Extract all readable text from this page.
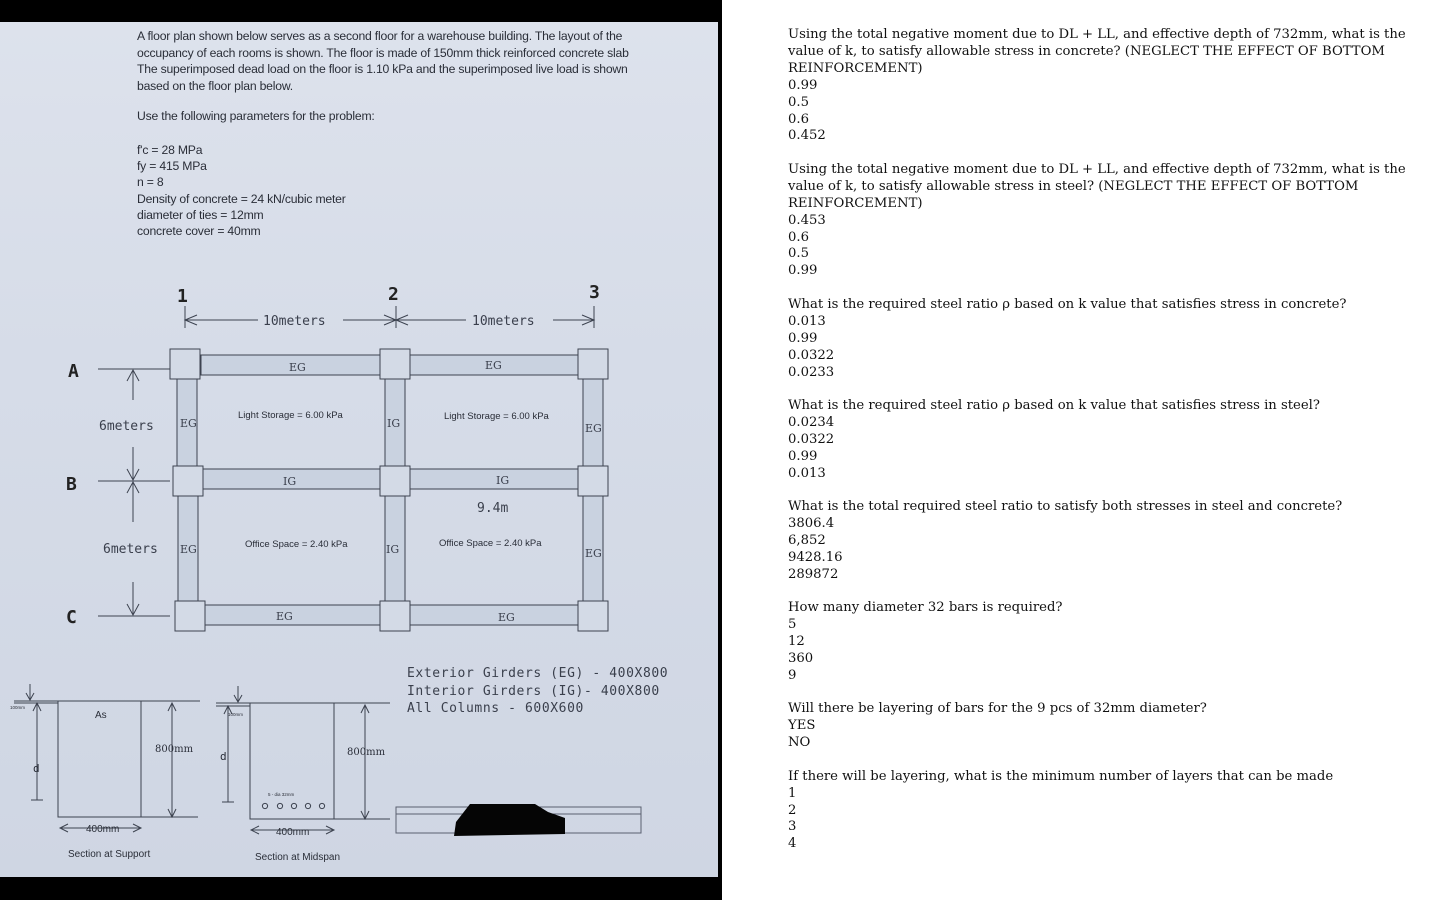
A floor plan shown below serves as a second floor for a warehouse building. The layout of the
occupancy of each rooms is shown. The floor is made of 150mm thick reinforced concrete slab
The superimposed dead load on the floor is 1.10 kPa and the superimposed live load is shown
based on the floor plan below.
Use the following parameters for the problem:
f'c = 28 MPa
fy = 415 MPa
n = 8
Density of concrete = 24 kN/cubic meter
diameter of ties = 12mm
concrete cover = 40mm
1	2	3
A
B
C
10meters	10meters
6meters
6meters
9.4m
EG	EG
EG	IG	EG
IG	IG
EG	IG	EG
EG	EG
Light Storage = 6.00 kPa	Light Storage = 6.00 kPa
Office Space = 2.40 kPa	Office Space = 2.40 kPa
As
100mm
d
800mm
400mm
Section at Support
100mm
d
5 - dia 32mm
800mm
400mm
Section at Midspan
Exterior Girders (EG) - 400X800
Interior Girders (IG)- 400X800
All Columns - 600X600
Using the total negative moment due to DL + LL, and effective depth of 732mm, what is the value of k, to satisfy allowable stress in concrete? (NEGLECT THE EFFECT OF BOTTOM REINFORCEMENT)
0.99
0.5
0.6
0.452
Using the total negative moment due to DL + LL, and effective depth of 732mm, what is the value of k, to satisfy allowable stress in steel? (NEGLECT THE EFFECT OF BOTTOM REINFORCEMENT)
0.453
0.6
0.5
0.99
What is the required steel ratio ρ based on k value that satisfies stress in concrete?
0.013
0.99
0.0322
0.0233
What is the required steel ratio ρ based on k value that satisfies stress in steel?
0.0234
0.0322
0.99
0.013
What is the total required steel ratio to satisfy both stresses in steel and concrete?
3806.4
6,852
9428.16
289872
How many diameter 32 bars is required?
5
12
360
9
Will there be layering of bars for the 9 pcs of 32mm diameter?
YES
NO
If there will be layering, what is the minimum number of layers that can be made
1
2
3
4
